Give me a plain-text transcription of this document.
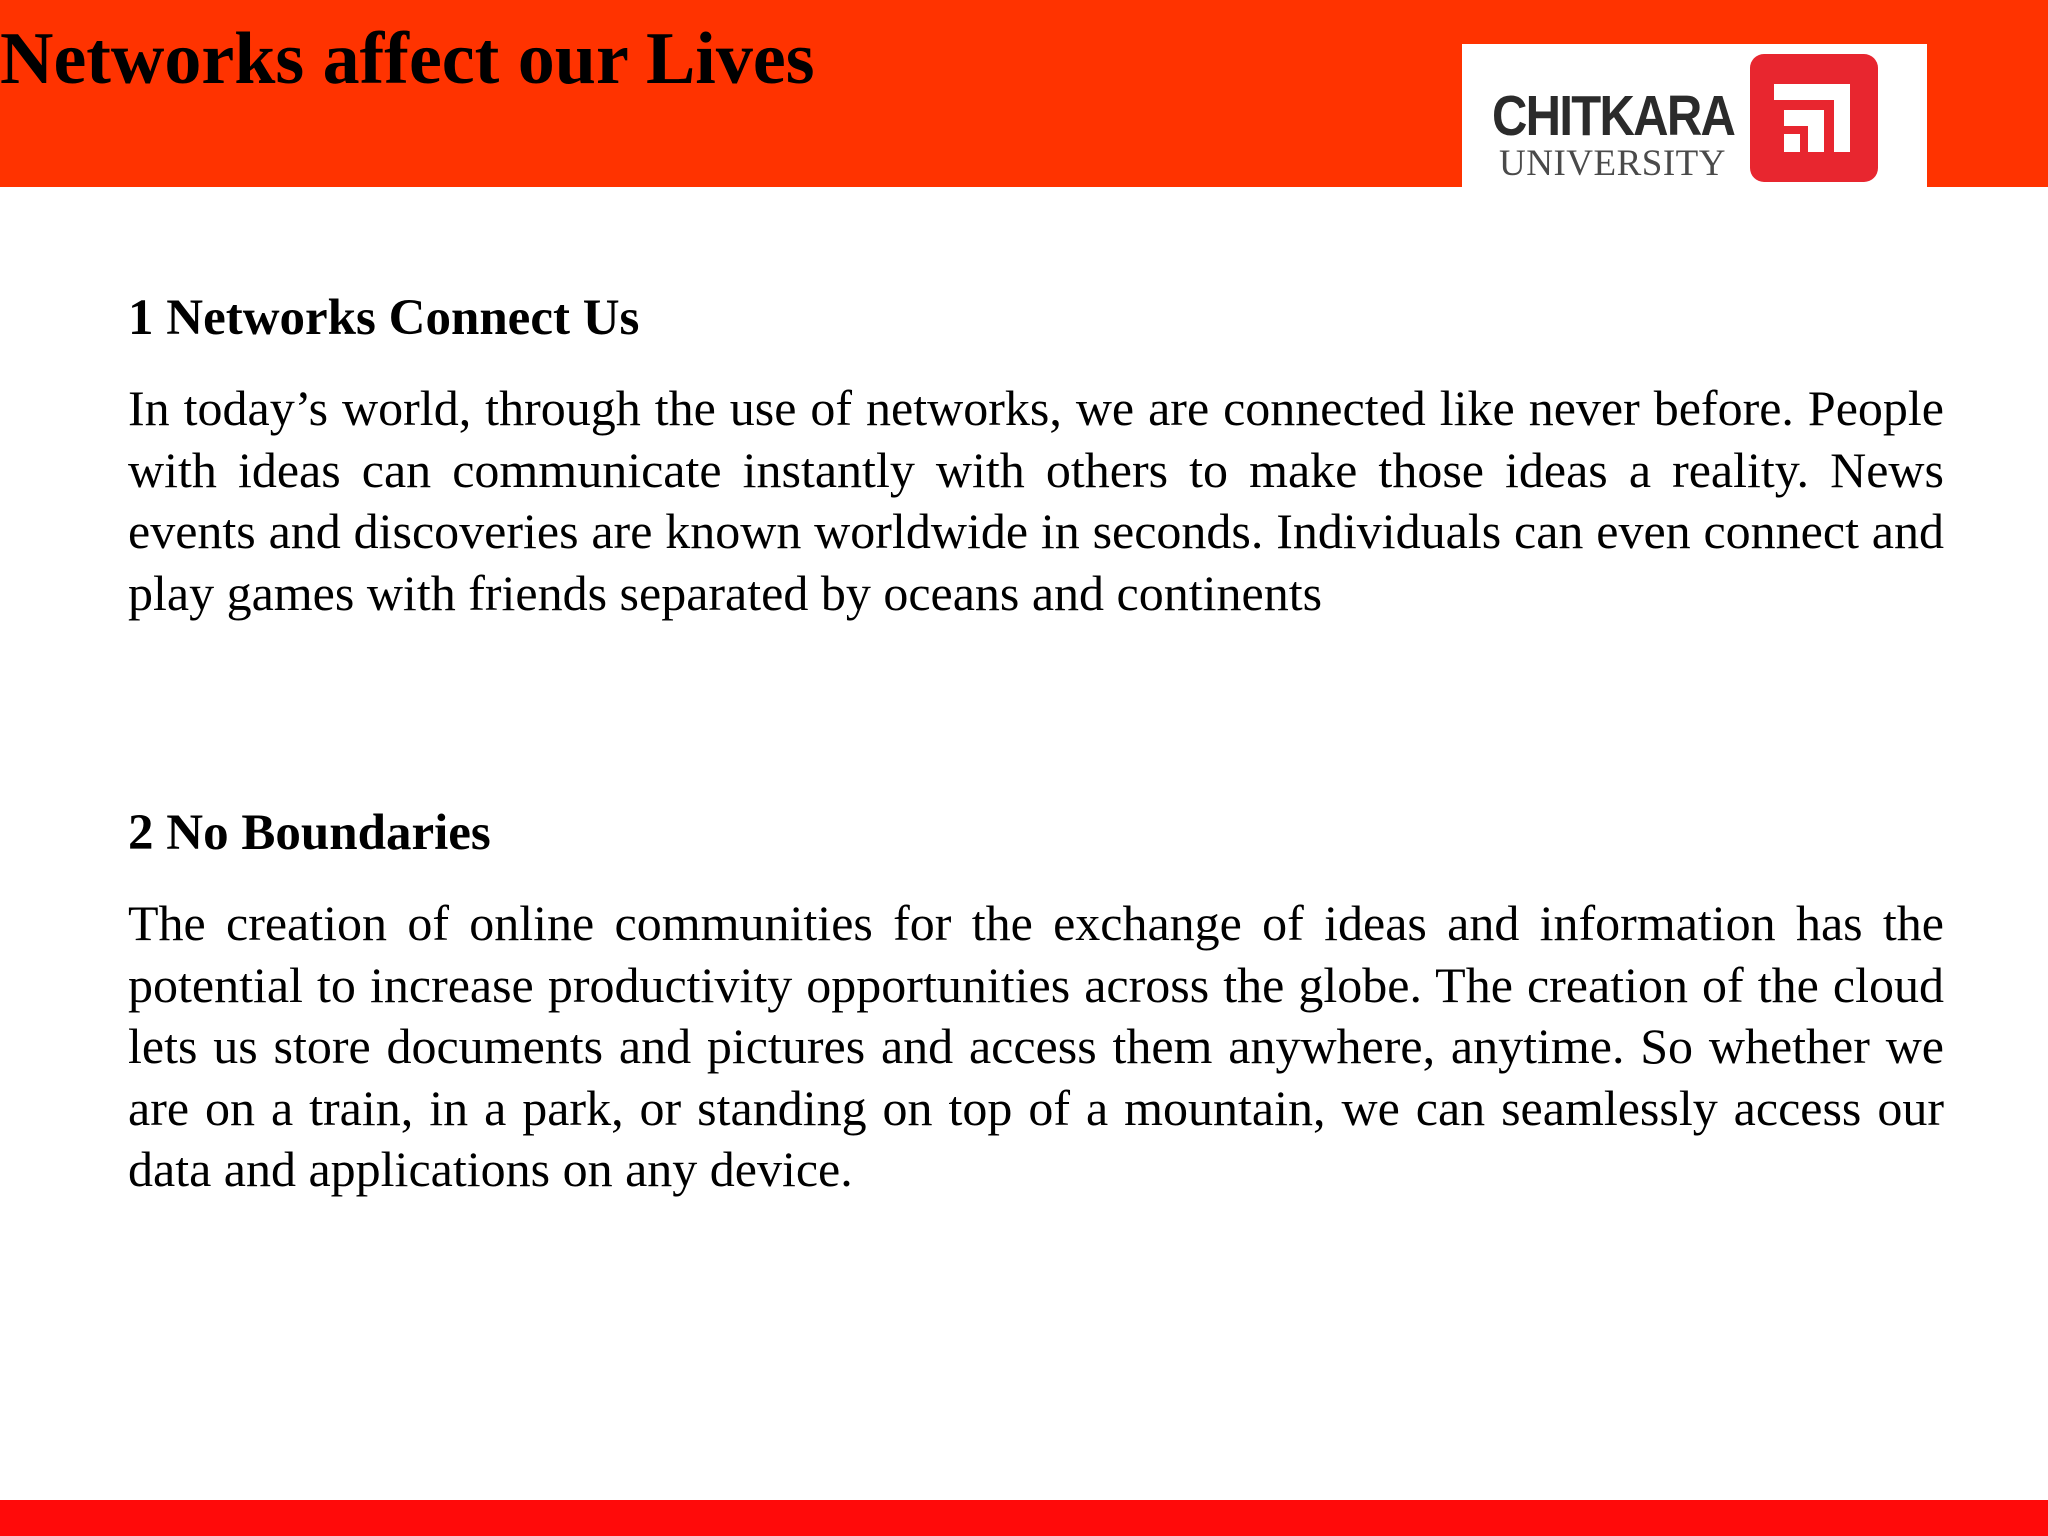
Networks affect our Lives
CHITKARA
UNIVERSITY
1 Networks Connect Us

In today’s world, through the use of networks, we are connected like never before. People with ideas can communicate instantly with others to make those ideas a reality. News events and discoveries are known worldwide in seconds. Individuals can even connect and play games with friends separated by oceans and continents

2 No Boundaries

The creation of online communities for the exchange of ideas and information has the potential to increase productivity opportunities across the globe. The creation of the cloud lets us store documents and pictures and access them anywhere, anytime. So whether we are on a train, in a park, or standing on top of a mountain, we can seamlessly access our data and applications on any device.
